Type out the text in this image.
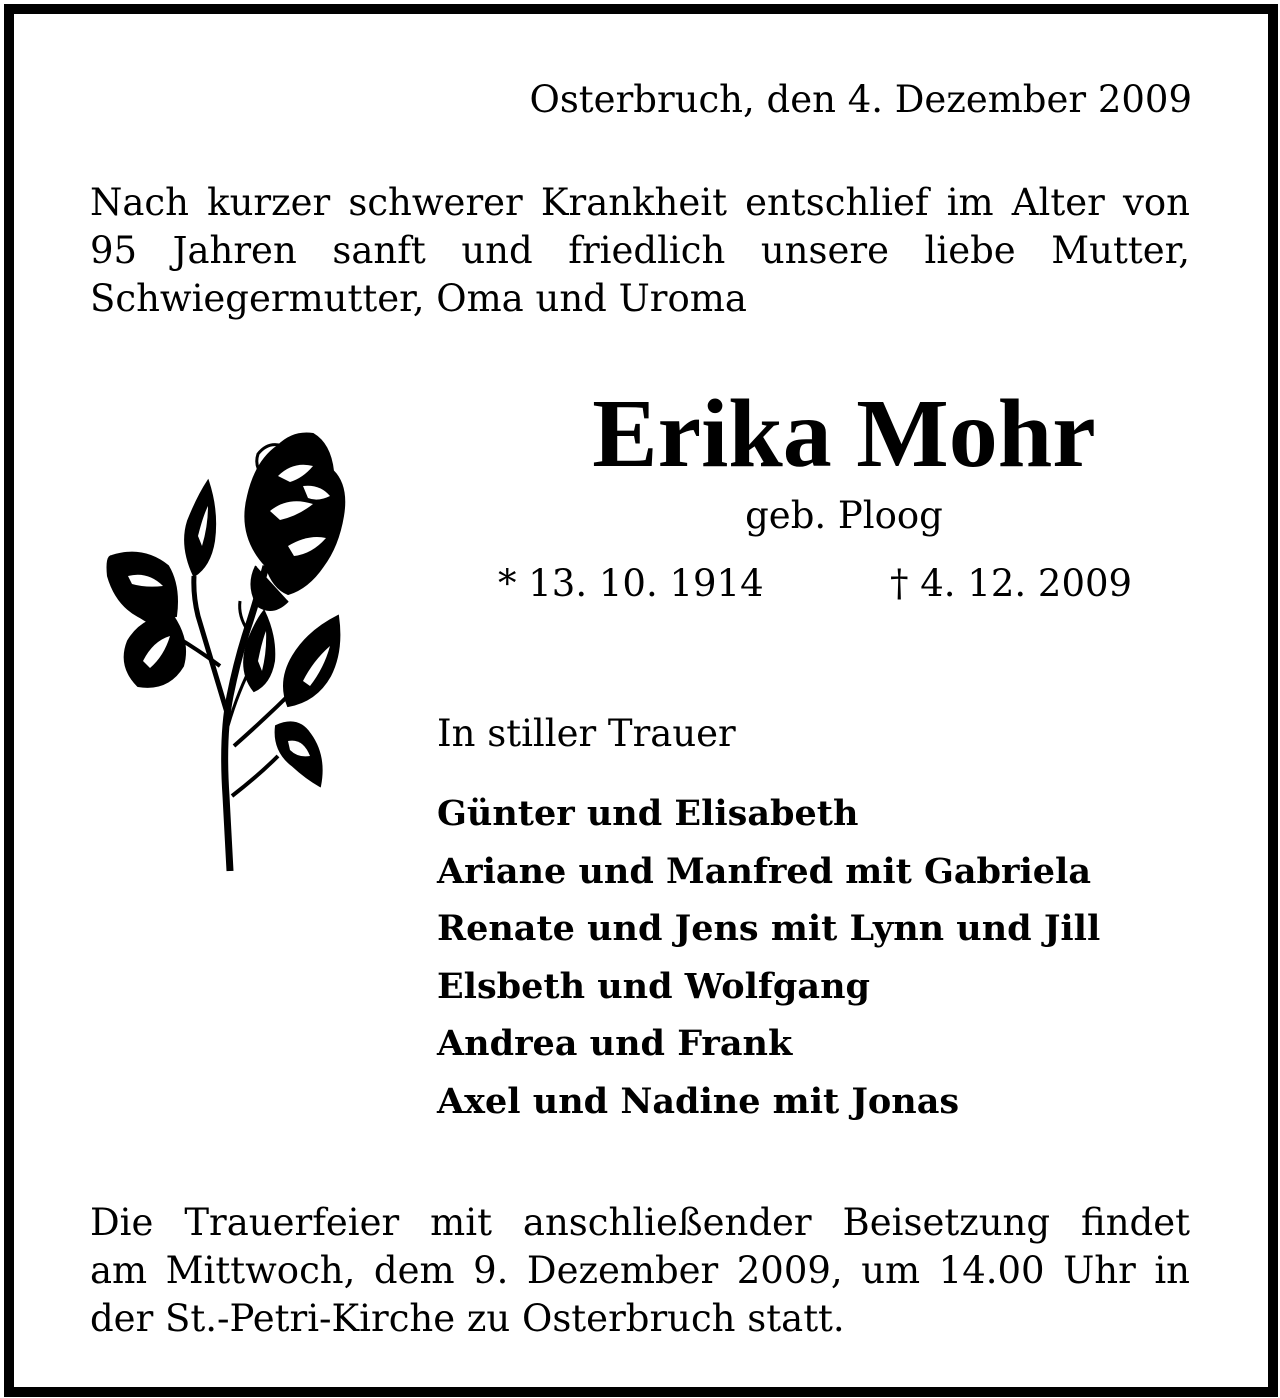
Osterbruch, den 4. Dezember 2009
Nach kurzer schwerer Krankheit entschlief im Alter von
95 Jahren sanft und friedlich unsere liebe Mutter,
Schwiegermutter, Oma und Uroma
Erika Mohr
geb. Ploog
* 13. 10. 1914	† 4. 12. 2009
In stiller Trauer
Günter und Elisabeth
Ariane und Manfred mit Gabriela
Renate und Jens mit Lynn und Jill
Elsbeth und Wolfgang
Andrea und Frank
Axel und Nadine mit Jonas
Die Trauerfeier mit anschließender Beisetzung findet
am Mittwoch, dem 9. Dezember 2009, um 14.00 Uhr in
der St.-Petri-Kirche zu Osterbruch statt.
